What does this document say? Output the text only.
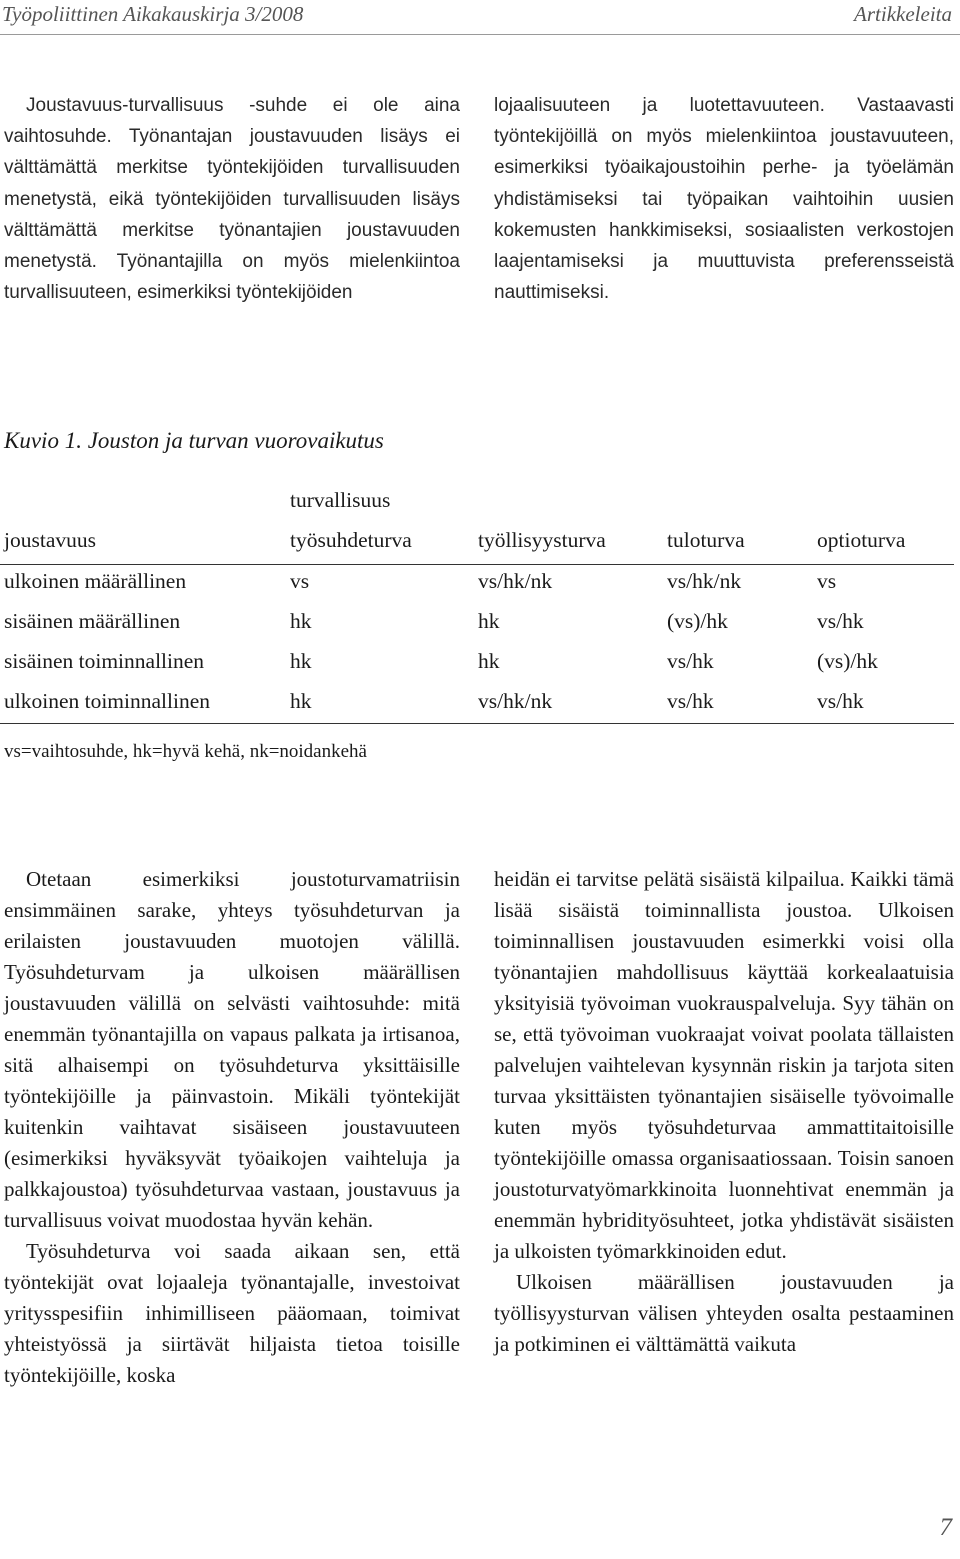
Työpoliittinen Aikakauskirja 3/2008	Artikkeleita

Joustavuus-turvallisuus -suhde ei ole aina vaihtosuhde. Työnantajan joustavuuden lisäys ei välttämättä merkitse työntekijöiden turvallisuuden menetystä, eikä työntekijöiden turvallisuuden lisäys välttämättä merkitse työnantajien joustavuuden menetystä. Työnantajilla on myös mielenkiintoa turvallisuuteen, esimerkiksi työntekijöiden

lojaalisuuteen ja luotettavuuteen. Vastaavasti työntekijöillä on myös mielenkiintoa joustavuuteen, esimerkiksi työaikajoustoihin perhe- ja työelämän yhdistämiseksi tai työpaikan vaihtoihin uusien kokemusten hankkimiseksi, sosiaalisten verkostojen laajentamiseksi ja muuttuvista preferensseistä nauttimiseksi.

Kuvio 1. Jouston ja turvan vuorovaikutus
turvallisuus
joustavuus	työsuhdeturva	työllisyysturva	tuloturva	optioturva
ulkoinen määrällinen	vs	vs/hk/nk	vs/hk/nk	vs
sisäinen määrällinen	hk	hk	(vs)/hk	vs/hk
sisäinen toiminnallinen	hk	hk	vs/hk	(vs)/hk
ulkoinen toiminnallinen	hk	vs/hk/nk	vs/hk	vs/hk
vs=vaihtosuhde, hk=hyvä kehä, nk=noidankehä

Otetaan esimerkiksi joustoturvamatriisin ensimmäinen sarake, yhteys työsuhdeturvan ja erilaisten joustavuuden muotojen välillä. Työsuhdeturvam ja ulkoisen määrällisen joustavuuden välillä on selvästi vaihtosuhde: mitä enemmän työnantajilla on vapaus palkata ja irtisanoa, sitä alhaisempi on työsuhdeturva yksittäisille työntekijöille ja päinvastoin. Mikäli työntekijät kuitenkin vaihtavat sisäiseen joustavuuteen (esimerkiksi hyväksyvät työaikojen vaihteluja ja palkkajoustoa) työsuhdeturvaa vastaan, joustavuus ja turvallisuus voivat muodostaa hyvän kehän.

Työsuhdeturva voi saada aikaan sen, että työntekijät ovat lojaaleja työnantajalle, investoivat yritysspesifiin inhimilliseen pääomaan, toimivat yhteistyössä ja siirtävät hiljaista tietoa toisille työntekijöille, koska

heidän ei tarvitse pelätä sisäistä kilpailua. Kaikki tämä lisää sisäistä toiminnallista joustoa. Ulkoisen toiminnallisen joustavuuden esimerkki voisi olla työnantajien mahdollisuus käyttää korkealaatuisia yksityisiä työvoiman vuokrauspalveluja. Syy tähän on se, että työvoiman vuokraajat voivat poolata tällaisten palvelujen vaihtelevan kysynnän riskin ja tarjota siten turvaa yksittäisten työnantajien sisäiselle työvoimalle kuten myös työsuhdeturvaa ammattitaitoisille työntekijöille omassa organisaatiossaan. Toisin sanoen joustoturvatyömarkkinoita luonnehtivat enemmän ja enemmän hybridityösuhteet, jotka yhdistävät sisäisten ja ulkoisten työmarkkinoiden edut.

Ulkoisen määrällisen joustavuuden ja työllisyysturvan välisen yhteyden osalta pestaaminen ja potkiminen ei välttämättä vaikuta

7
